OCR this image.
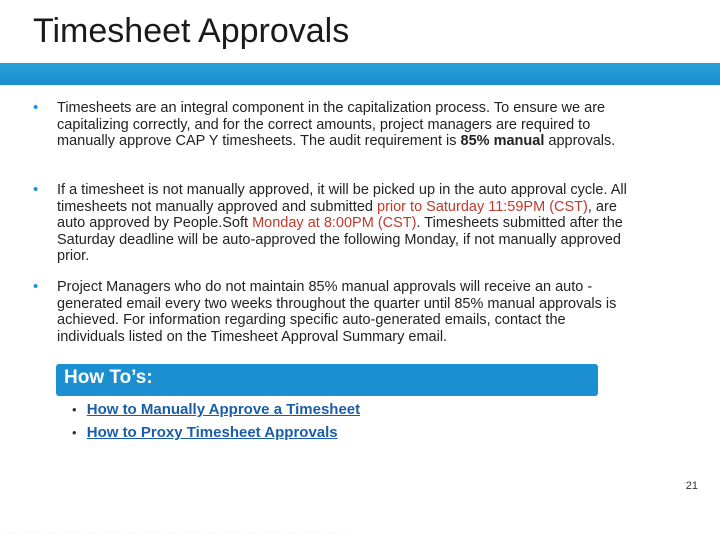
Timesheet Approvals
• Timesheets are an integral component in the capitalization process. To ensure we are capitalizing correctly, and for the correct amounts, project managers are required to manually approve CAP Y timesheets. The audit requirement is 85% manual approvals.
• If a timesheet is not manually approved, it will be picked up in the auto approval cycle. All timesheets not manually approved and submitted prior to Saturday 11:59PM (CST), are auto approved by People.Soft Monday at 8:00PM (CST). Timesheets submitted after the Saturday deadline will be auto-approved the following Monday, if not manually approved prior.
• Project Managers who do not maintain 85% manual approvals will receive an auto -generated email every two weeks throughout the quarter until 85% manual approvals is achieved. For information regarding specific auto-generated emails, contact the individuals listed on the Timesheet Approval Summary email.
How To’s:
• How to Manually Approve a Timesheet
• How to Proxy Timesheet Approvals
21
. . . . . . . . . . . . . . . . . . . . . . . . . . . . . . . . . . . . . . . . . . . . . . . . . . . . . . . . . . . . . . . . . . . . . . . . . . . . . . . . . . . . . . . . . . . . . . . . . . . . . . . . . . . . . . . . . . . . . . . . . . . . . . . . . . . . . . . . . . . . . . . . . . . . . . . . . . .
